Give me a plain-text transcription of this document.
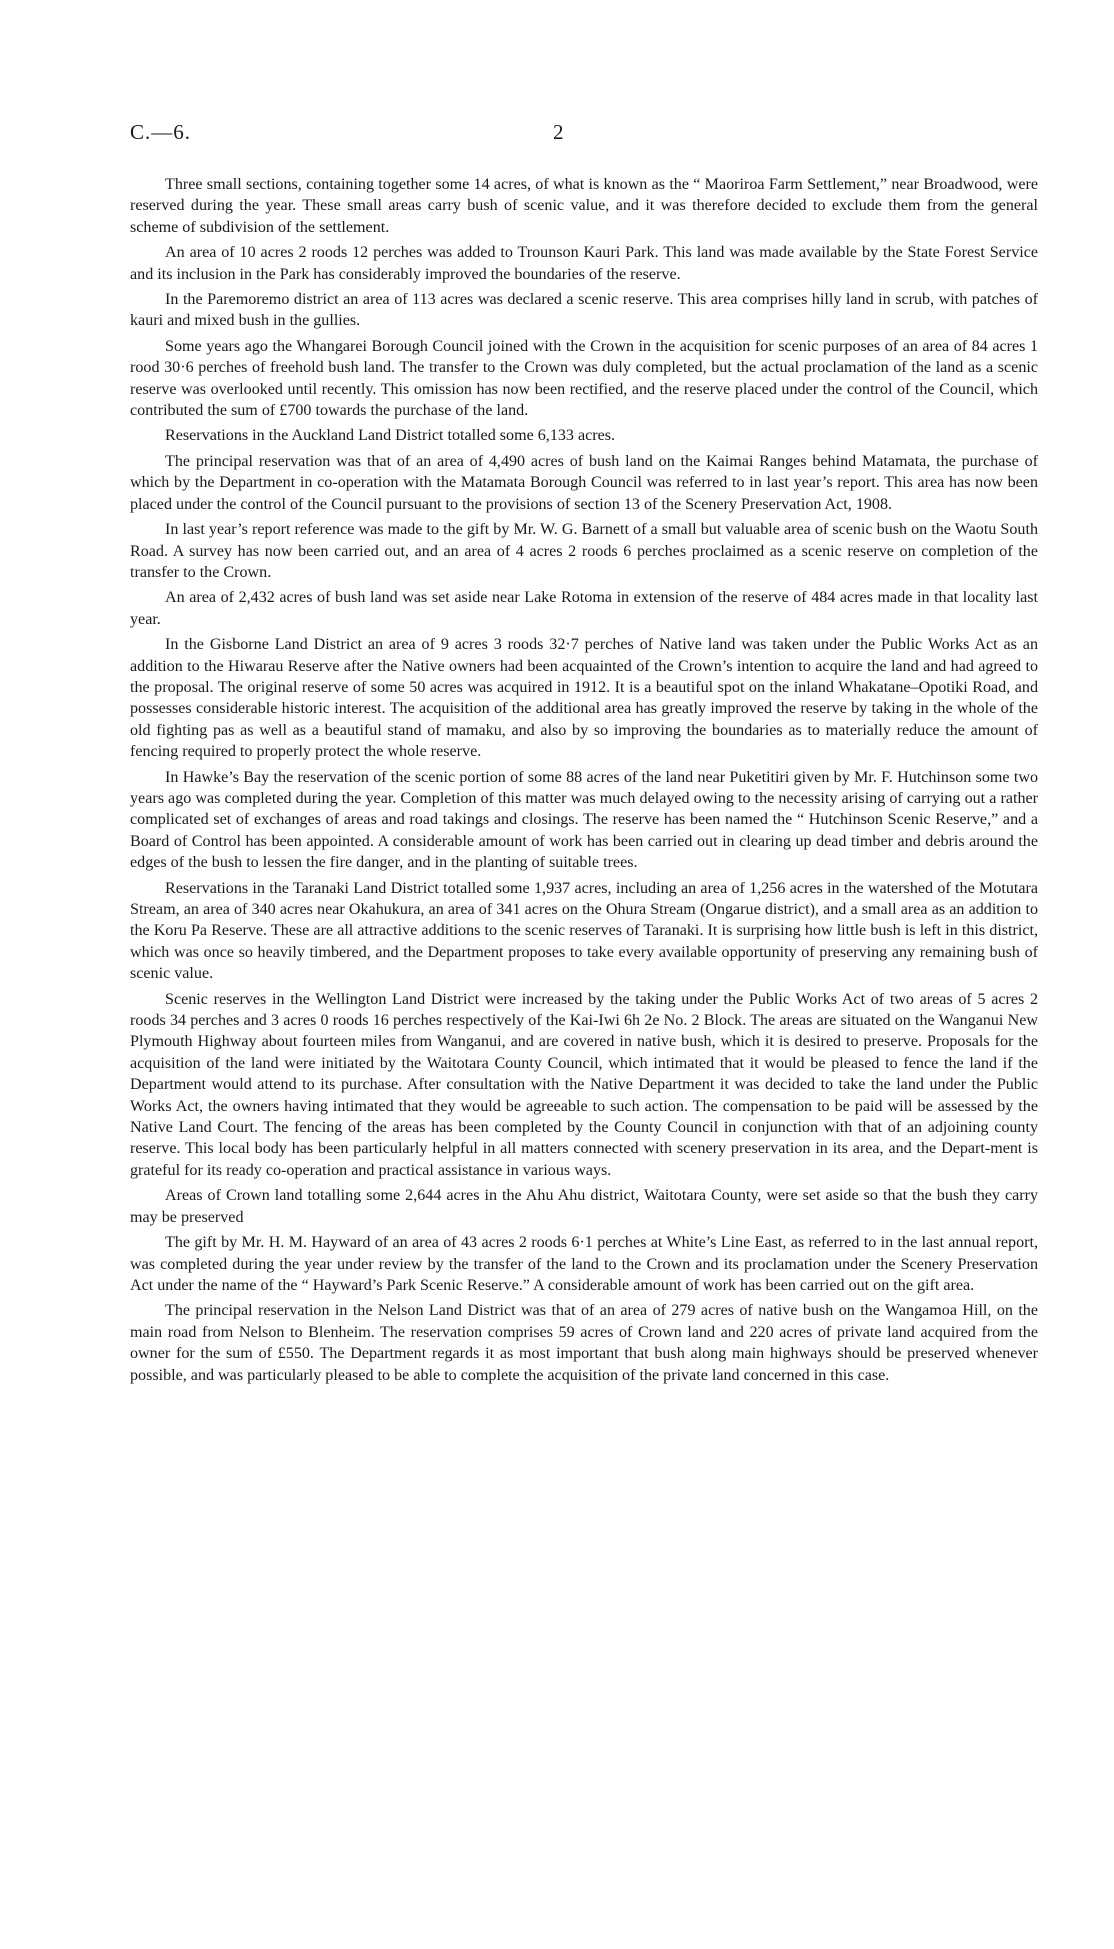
C.—6.	2

Three small sections, containing together some 14 acres, of what is known as the “ Maoriroa Farm Settlement,” near Broadwood, were reserved during the year. These small areas carry bush of scenic value, and it was therefore decided to exclude them from the general scheme of subdivision of the settlement.

An area of 10 acres 2 roods 12 perches was added to Trounson Kauri Park. This land was made available by the State Forest Service and its inclusion in the Park has considerably improved the boundaries of the reserve.

In the Paremoremo district an area of 113 acres was declared a scenic reserve. This area comprises hilly land in scrub, with patches of kauri and mixed bush in the gullies.

Some years ago the Whangarei Borough Council joined with the Crown in the acquisition for scenic purposes of an area of 84 acres 1 rood 30·6 perches of freehold bush land. The transfer to the Crown was duly completed, but the actual proclamation of the land as a scenic reserve was overlooked until recently. This omission has now been rectified, and the reserve placed under the control of the Council, which contributed the sum of £700 towards the purchase of the land.

Reservations in the Auckland Land District totalled some 6,133 acres.

The principal reservation was that of an area of 4,490 acres of bush land on the Kaimai Ranges behind Matamata, the purchase of which by the Department in co-operation with the Matamata Borough Council was referred to in last year’s report. This area has now been placed under the control of the Council pursuant to the provisions of section 13 of the Scenery Preservation Act, 1908.

In last year’s report reference was made to the gift by Mr. W. G. Barnett of a small but valuable area of scenic bush on the Waotu South Road. A survey has now been carried out, and an area of 4 acres 2 roods 6 perches proclaimed as a scenic reserve on completion of the transfer to the Crown.

An area of 2,432 acres of bush land was set aside near Lake Rotoma in extension of the reserve of 484 acres made in that locality last year.

In the Gisborne Land District an area of 9 acres 3 roods 32·7 perches of Native land was taken under the Public Works Act as an addition to the Hiwarau Reserve after the Native owners had been acquainted of the Crown’s intention to acquire the land and had agreed to the proposal. The original reserve of some 50 acres was acquired in 1912. It is a beautiful spot on the inland Whakatane–Opotiki Road, and possesses considerable historic interest. The acquisition of the additional area has greatly improved the reserve by taking in the whole of the old fighting pas as well as a beautiful stand of mamaku, and also by so improving the boundaries as to materially reduce the amount of fencing required to properly protect the whole reserve.

In Hawke’s Bay the reservation of the scenic portion of some 88 acres of the land near Puketitiri given by Mr. F. Hutchinson some two years ago was completed during the year. Completion of this matter was much delayed owing to the necessity arising of carrying out a rather complicated set of exchanges of areas and road takings and closings. The reserve has been named the “ Hutchinson Scenic Reserve,” and a Board of Control has been appointed. A considerable amount of work has been carried out in clearing up dead timber and debris around the edges of the bush to lessen the fire danger, and in the planting of suitable trees.

Reservations in the Taranaki Land District totalled some 1,937 acres, including an area of 1,256 acres in the watershed of the Motutara Stream, an area of 340 acres near Okahukura, an area of 341 acres on the Ohura Stream (Ongarue district), and a small area as an addition to the Koru Pa Reserve. These are all attractive additions to the scenic reserves of Taranaki. It is surprising how little bush is left in this district, which was once so heavily timbered, and the Department proposes to take every available opportunity of preserving any remaining bush of scenic value.

Scenic reserves in the Wellington Land District were increased by the taking under the Public Works Act of two areas of 5 acres 2 roods 34 perches and 3 acres 0 roods 16 perches respectively of the Kai-Iwi 6h 2e No. 2 Block. The areas are situated on the Wanganui New Plymouth Highway about fourteen miles from Wanganui, and are covered in native bush, which it is desired to preserve. Proposals for the acquisition of the land were initiated by the Waitotara County Council, which intimated that it would be pleased to fence the land if the Department would attend to its purchase. After consultation with the Native Department it was decided to take the land under the Public Works Act, the owners having intimated that they would be agreeable to such action. The compensation to be paid will be assessed by the Native Land Court. The fencing of the areas has been completed by the County Council in conjunction with that of an adjoining county reserve. This local body has been particularly helpful in all matters connected with scenery preservation in its area, and the Depart-ment is grateful for its ready co-operation and practical assistance in various ways.

Areas of Crown land totalling some 2,644 acres in the Ahu Ahu district, Waitotara County, were set aside so that the bush they carry may be preserved

The gift by Mr. H. M. Hayward of an area of 43 acres 2 roods 6·1 perches at White’s Line East, as referred to in the last annual report, was completed during the year under review by the transfer of the land to the Crown and its proclamation under the Scenery Preservation Act under the name of the “ Hayward’s Park Scenic Reserve.” A considerable amount of work has been carried out on the gift area.

The principal reservation in the Nelson Land District was that of an area of 279 acres of native bush on the Wangamoa Hill, on the main road from Nelson to Blenheim. The reservation comprises 59 acres of Crown land and 220 acres of private land acquired from the owner for the sum of £550. The Department regards it as most important that bush along main highways should be preserved whenever possible, and was particularly pleased to be able to complete the acquisition of the private land concerned in this case.
